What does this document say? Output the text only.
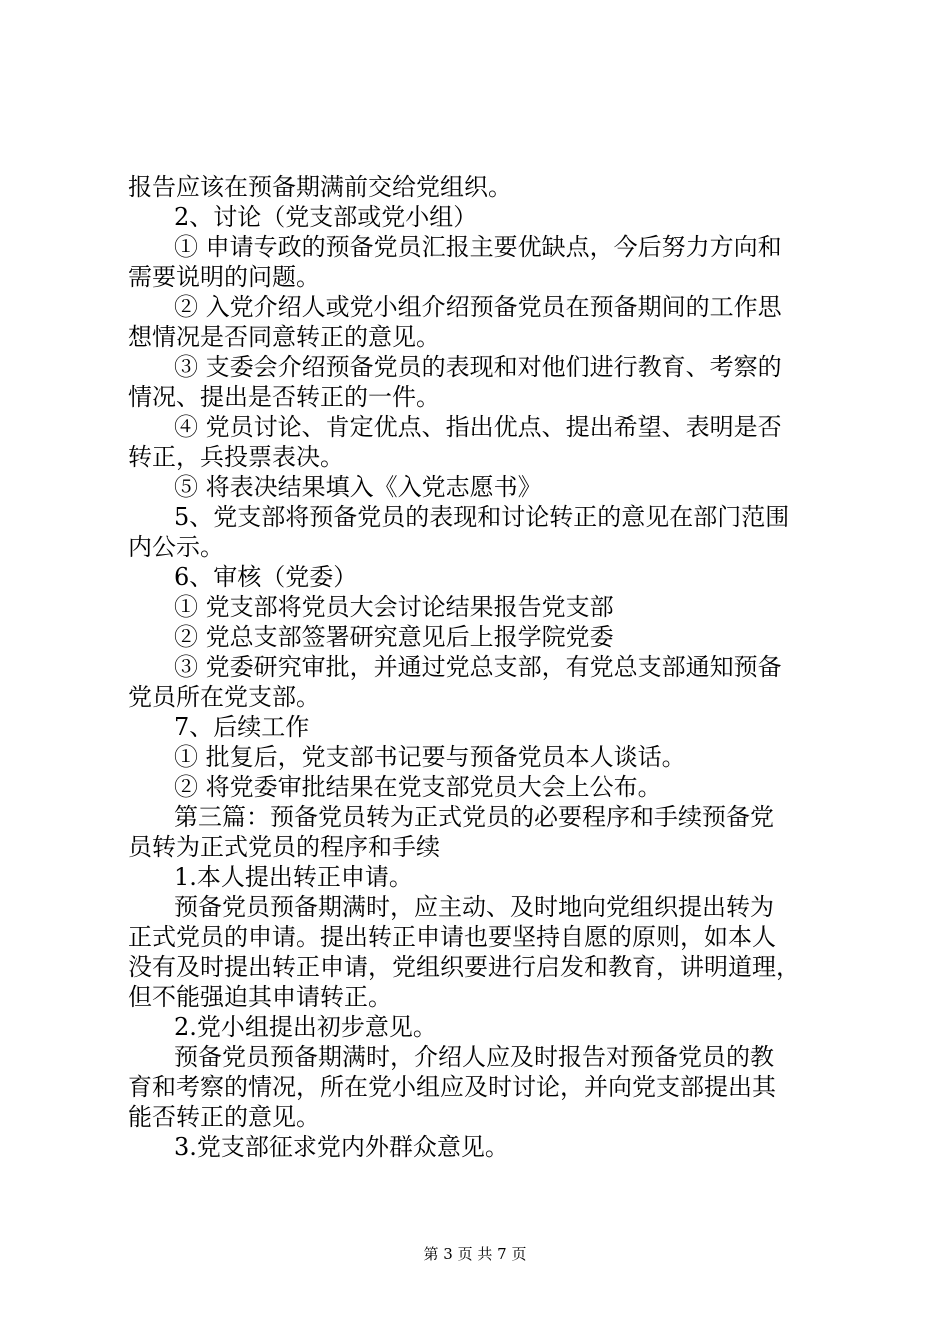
报告应该在预备期满前交给党组织。
2、讨论（党支部或党小组）
① 申请专政的预备党员汇报主要优缺点，今后努力方向和
需要说明的问题。
② 入党介绍人或党小组介绍预备党员在预备期间的工作思
想情况是否同意转正的意见。
③ 支委会介绍预备党员的表现和对他们进行教育、考察的
情况、提出是否转正的一件。
④ 党员讨论、肯定优点、指出优点、提出希望、表明是否
转正，兵投票表决。
⑤ 将表决结果填入《入党志愿书》
5、党支部将预备党员的表现和讨论转正的意见在部门范围
内公示。
6、审核（党委）
① 党支部将党员大会讨论结果报告党支部
② 党总支部签署研究意见后上报学院党委
③ 党委研究审批，并通过党总支部，有党总支部通知预备
党员所在党支部。
7、后续工作
① 批复后，党支部书记要与预备党员本人谈话。
② 将党委审批结果在党支部党员大会上公布。
第三篇：预备党员转为正式党员的必要程序和手续预备党
员转为正式党员的程序和手续
1.本人提出转正申请。
预备党员预备期满时，应主动、及时地向党组织提出转为
正式党员的申请。提出转正申请也要坚持自愿的原则，如本人
没有及时提出转正申请，党组织要进行启发和教育，讲明道理，
但不能强迫其申请转正。
2.党小组提出初步意见。
预备党员预备期满时，介绍人应及时报告对预备党员的教
育和考察的情况，所在党小组应及时讨论，并向党支部提出其
能否转正的意见。
3.党支部征求党内外群众意见。
第 3 页 共 7 页
